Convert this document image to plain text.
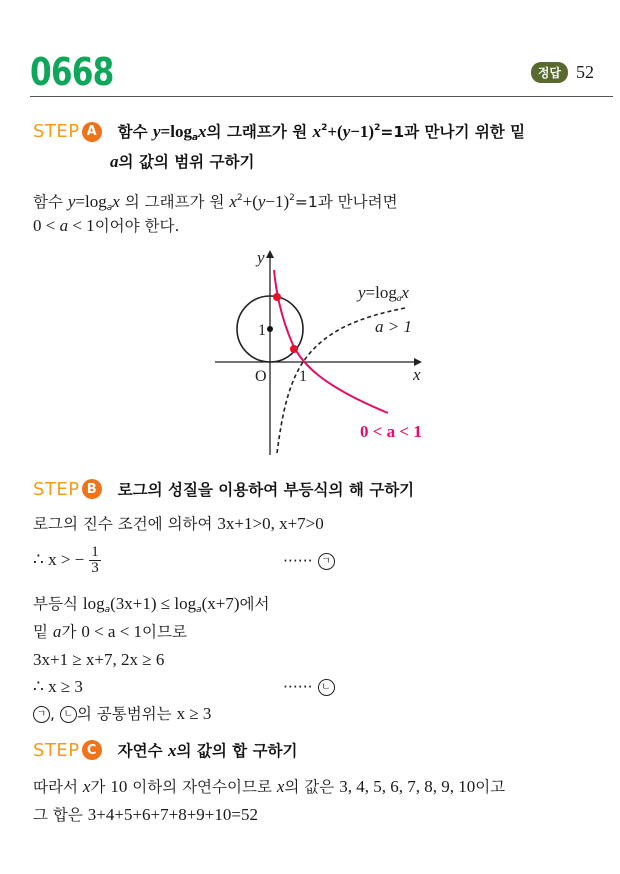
0668	정답 52
STEP A	함수 $y=\log_ax$의 그래프가 원 $x^2+(y-1)^2=1$과 만나기 위한 밑
a의 값의 범위 구하기
함수 $y=\log_ax$ 의 그래프가 원 $x^2+(y-1)^2=1$과 만나려면
0 < a < 1이어야 한다.
y
x
O 1
1
y=logax
a > 1
0 < a < 1
STEP B	로그의 성질을 이용하여 부등식의 해 구하기
로그의 진수 조건에 의하여 3x+1>0, x+7>0
∴ x > − $\frac{1}{3}$	······ ㄱ
부등식 $\log_a(3x+1) \le \log_a(x+7)$에서
밑 a가 0 < a < 1이므로
3x+1 ≥ x+7, 2x ≥ 6
∴ x ≥ 3	······ ㄴ
ㄱ , ㄴ 의 공통범위는 x ≥ 3
STEP C	자연수 x의 값의 합 구하기
따라서 x가 10 이하의 자연수이므로 x의 값은 3, 4, 5, 6, 7, 8, 9, 10이고
그 합은 3+4+5+6+7+8+9+10=52
